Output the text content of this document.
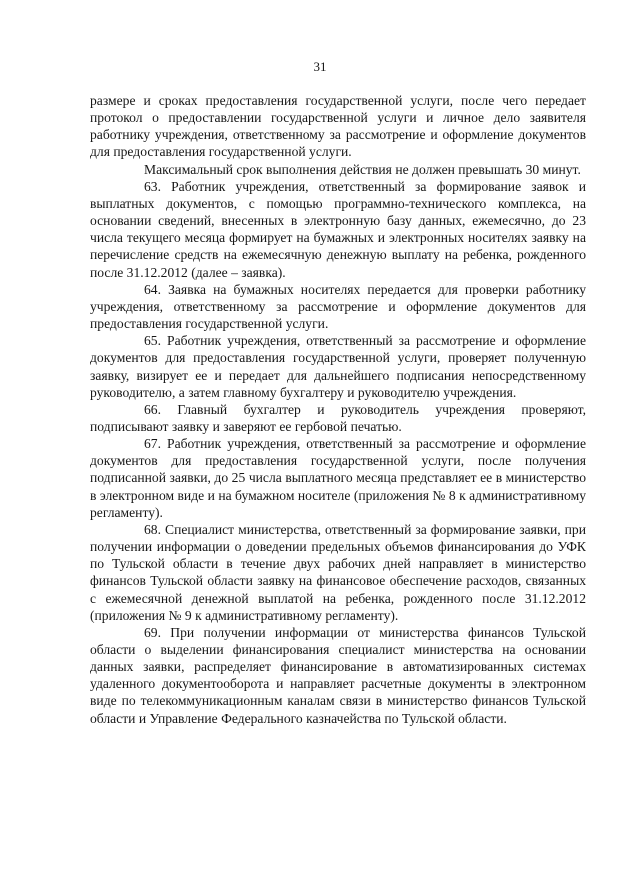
31

размере и сроках предоставления государственной услуги, после чего передает протокол о предоставлении государственной услуги и личное дело заявителя работнику учреждения, ответственному за рассмотрение и оформление документов для предоставления государственной услуги.

Максимальный срок выполнения действия не должен превышать 30 минут.

63. Работник учреждения, ответственный за формирование заявок и выплатных документов, с помощью программно-технического комплекса, на основании сведений, внесенных в электронную базу данных, ежемесячно, до 23 числа текущего месяца формирует на бумажных и электронных носителях заявку на перечисление средств на ежемесячную денежную выплату на ребенка, рожденного после 31.12.2012 (далее – заявка).

64. Заявка на бумажных носителях передается для проверки работнику учреждения, ответственному за рассмотрение и оформление документов для предоставления государственной услуги.

65. Работник учреждения, ответственный за рассмотрение и оформление документов для предоставления государственной услуги, проверяет полученную заявку, визирует ее и передает для дальнейшего подписания непосредственному руководителю, а затем главному бухгалтеру и руководителю учреждения.

66. Главный бухгалтер и руководитель учреждения проверяют, подписывают заявку и заверяют ее гербовой печатью.

67. Работник учреждения, ответственный за рассмотрение и оформление документов для предоставления государственной услуги, после получения подписанной заявки, до 25 числа выплатного месяца представляет ее в министерство в электронном виде и на бумажном носителе (приложения № 8 к административному регламенту).

68. Специалист министерства, ответственный за формирование заявки, при получении информации о доведении предельных объемов финансирования до УФК по Тульской области в течение двух рабочих дней направляет в министерство финансов Тульской области заявку на финансовое обеспечение расходов, связанных с ежемесячной денежной выплатой на ребенка, рожденного после 31.12.2012 (приложения № 9 к административному регламенту).

69. При получении информации от министерства финансов Тульской области о выделении финансирования специалист министерства на основании данных заявки, распределяет финансирование в автоматизированных системах удаленного документооборота и направляет расчетные документы в электронном виде по телекоммуникационным каналам связи в министерство финансов Тульской области и Управление Федерального казначейства по Тульской области.
